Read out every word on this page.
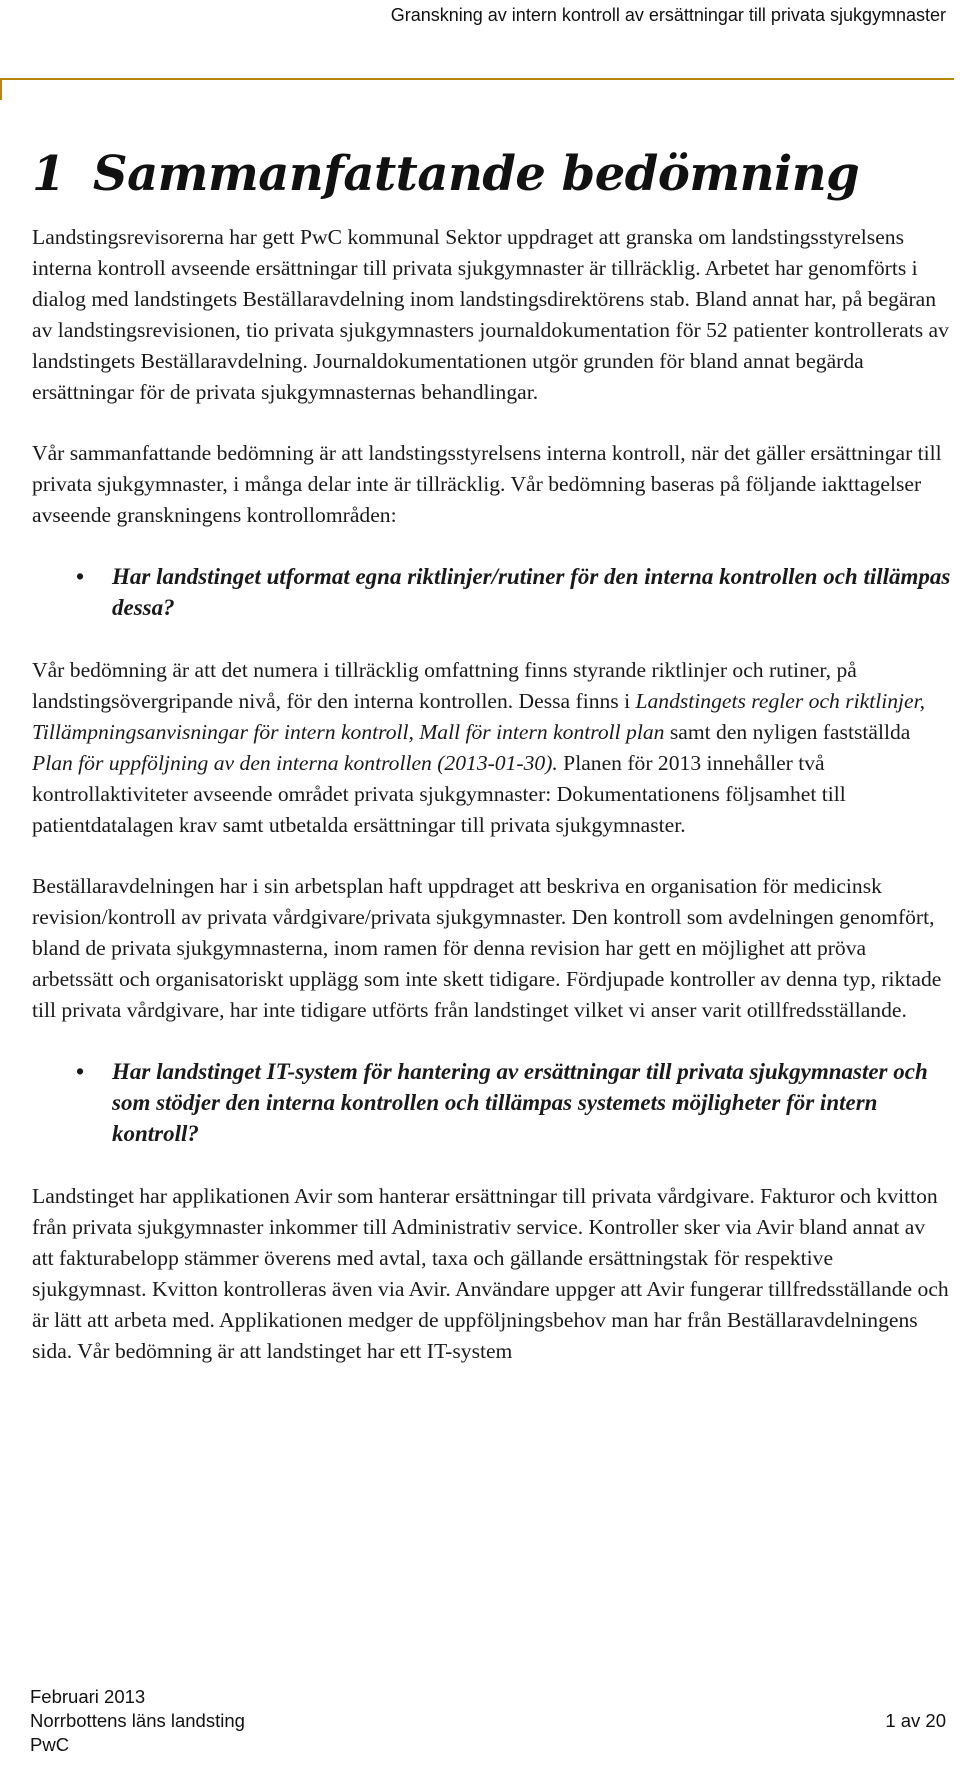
Granskning av intern kontroll av ersättningar till privata sjukgymnaster
1 Sammanfattande bedömning

Landstingsrevisorerna har gett PwC kommunal Sektor uppdraget att granska om landstingsstyrelsens interna kontroll avseende ersättningar till privata sjukgymnaster är tillräcklig. Arbetet har genomförts i dialog med landstingets Beställaravdelning inom landstingsdirektörens stab. Bland annat har, på begäran av landstingsrevisionen, tio privata sjukgymnasters journaldokumentation för 52 patienter kontrollerats av landstingets Beställaravdelning. Journaldokumentationen utgör grunden för bland annat begärda ersättningar för de privata sjukgymnasternas behandlingar.

Vår sammanfattande bedömning är att landstingsstyrelsens interna kontroll, när det gäller ersättningar till privata sjukgymnaster, i många delar inte är tillräcklig. Vår bedömning baseras på följande iakttagelser avseende granskningens kontrollområden:

• Har landstinget utformat egna riktlinjer/rutiner för den interna kontrollen och tillämpas dessa?

Vår bedömning är att det numera i tillräcklig omfattning finns styrande riktlinjer och rutiner, på landstingsövergripande nivå, för den interna kontrollen. Dessa finns i Landstingets regler och riktlinjer, Tillämpningsanvisningar för intern kontroll, Mall för intern kontroll plan samt den nyligen fastställda Plan för uppföljning av den interna kontrollen (2013-01-30). Planen för 2013 innehåller två kontrollaktiviteter avseende området privata sjukgymnaster: Dokumentationens följsamhet till patientdatalagen krav samt utbetalda ersättningar till privata sjukgymnaster.

Beställaravdelningen har i sin arbetsplan haft uppdraget att beskriva en organisation för medicinsk revision/kontroll av privata vårdgivare/privata sjukgymnaster. Den kontroll som avdelningen genomfört, bland de privata sjukgymnasterna, inom ramen för denna revision har gett en möjlighet att pröva arbetssätt och organisatoriskt upplägg som inte skett tidigare. Fördjupade kontroller av denna typ, riktade till privata vårdgivare, har inte tidigare utförts från landstinget vilket vi anser varit otillfredsställande.

• Har landstinget IT-system för hantering av ersättningar till privata sjukgymnaster och som stödjer den interna kontrollen och tillämpas systemets möjligheter för intern kontroll?

Landstinget har applikationen Avir som hanterar ersättningar till privata vårdgivare. Fakturor och kvitton från privata sjukgymnaster inkommer till Administrativ service. Kontroller sker via Avir bland annat av att fakturabelopp stämmer överens med avtal, taxa och gällande ersättningstak för respektive sjukgymnast. Kvitton kontrolleras även via Avir. Användare uppger att Avir fungerar tillfredsställande och är lätt att arbeta med. Applikationen medger de uppföljningsbehov man har från Beställaravdelningens sida. Vår bedömning är att landstinget har ett IT-system

Februari 2013
Norrbottens läns landsting
PwC
1 av 20
